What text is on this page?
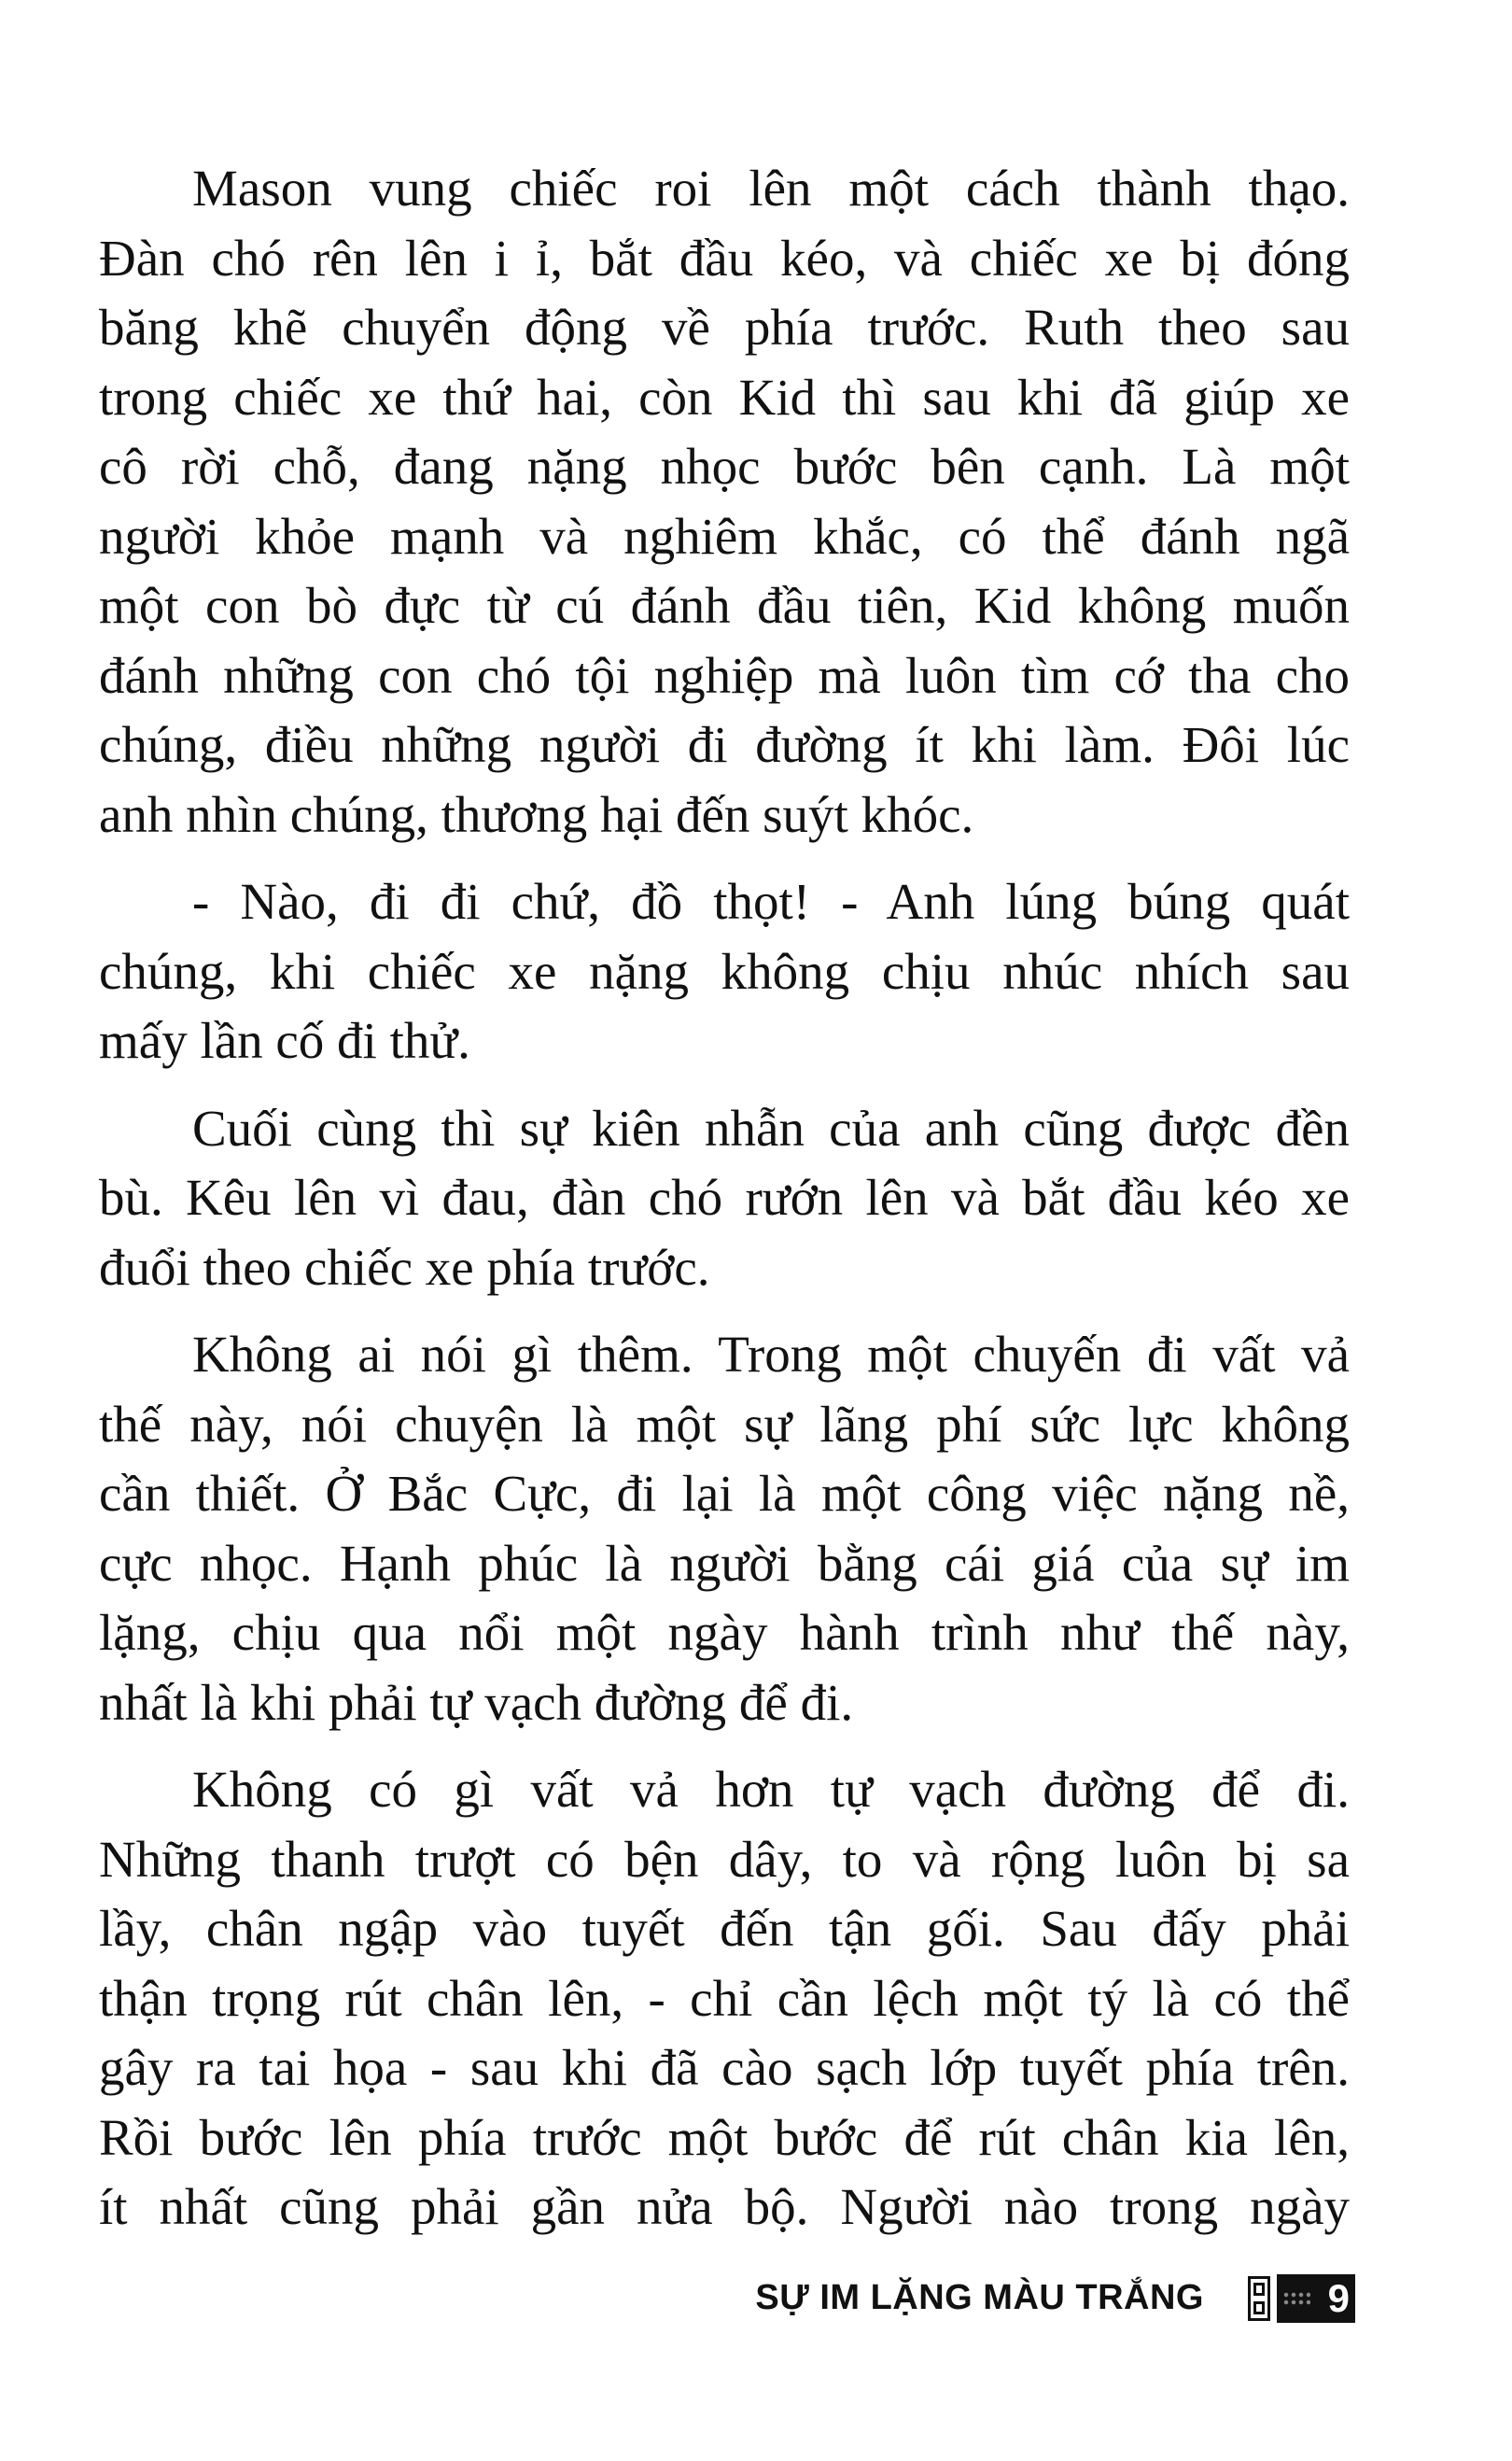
Mason vung chiếc roi lên một cách thành thạo.
Đàn chó rên lên i ỉ, bắt đầu kéo, và chiếc xe bị đóng
băng khẽ chuyển động về phía trước. Ruth theo sau
trong chiếc xe thứ hai, còn Kid thì sau khi đã giúp xe
cô rời chỗ, đang nặng nhọc bước bên cạnh. Là một
người khỏe mạnh và nghiêm khắc, có thể đánh ngã
một con bò đực từ cú đánh đầu tiên, Kid không muốn
đánh những con chó tội nghiệp mà luôn tìm cớ tha cho
chúng, điều những người đi đường ít khi làm. Đôi lúc
anh nhìn chúng, thương hại đến suýt khóc.
- Nào, đi đi chứ, đồ thọt! - Anh lúng búng quát
chúng, khi chiếc xe nặng không chịu nhúc nhích sau
mấy lần cố đi thử.
Cuối cùng thì sự kiên nhẫn của anh cũng được đền
bù. Kêu lên vì đau, đàn chó rướn lên và bắt đầu kéo xe
đuổi theo chiếc xe phía trước.
Không ai nói gì thêm. Trong một chuyến đi vất vả
thế này, nói chuyện là một sự lãng phí sức lực không
cần thiết. Ở Bắc Cực, đi lại là một công việc nặng nề,
cực nhọc. Hạnh phúc là người bằng cái giá của sự im
lặng, chịu qua nổi một ngày hành trình như thế này,
nhất là khi phải tự vạch đường để đi.
Không có gì vất vả hơn tự vạch đường để đi.
Những thanh trượt có bện dây, to và rộng luôn bị sa
lầy, chân ngập vào tuyết đến tận gối. Sau đấy phải
thận trọng rút chân lên, - chỉ cần lệch một tý là có thể
gây ra tai họa - sau khi đã cào sạch lớp tuyết phía trên.
Rồi bước lên phía trước một bước để rút chân kia lên,
ít nhất cũng phải gần nửa bộ. Người nào trong ngày
SỰ IM LẶNG MÀU TRẮNG	9
